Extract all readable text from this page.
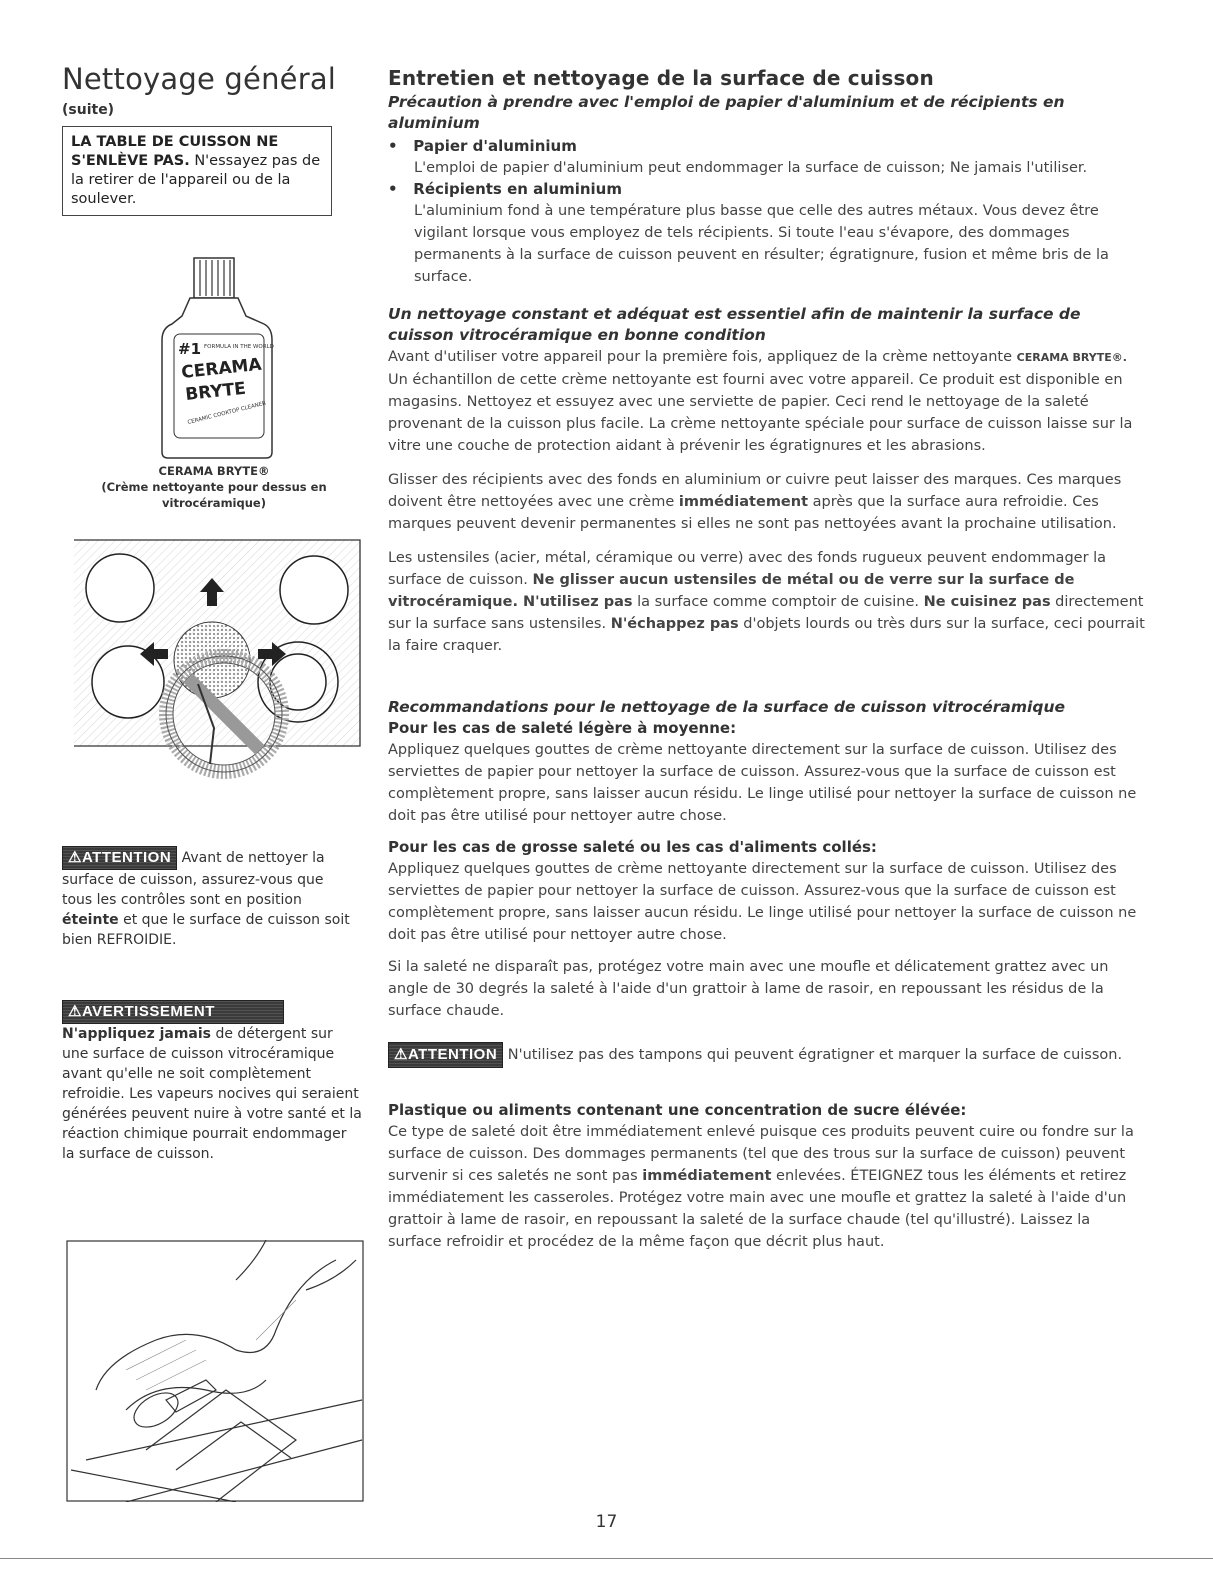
Nettoyage général
(suite)
LA TABLE DE CUISSON NE S'ENLÈVE PAS. N'essayez pas de la retirer de l'appareil ou de la soulever.
#1 FORMULA IN THE WORLD
CERAMA
BRYTE
CERAMIC COOKTOP CLEANER
CERAMA BRYTE®
(Crème nettoyante pour dessus en vitrocéramique)
⚠ATTENTION Avant de nettoyer la surface de cuisson, assurez-vous que tous les contrôles sont en position éteinte et que le surface de cuisson soit bien REFROIDIE.
⚠AVERTISSEMENT
N'appliquez jamais de détergent sur une surface de cuisson vitrocéramique avant qu'elle ne soit complètement refroidie. Les vapeurs nocives qui seraient générées peuvent nuire à votre santé et la réaction chimique pourrait endommager la surface de cuisson.
Entretien et nettoyage de la surface de cuisson
Précaution à prendre avec l'emploi de papier d'aluminium et de récipients en aluminium
•   Papier d'aluminium

L'emploi de papier d'aluminium peut endommager la surface de cuisson; Ne jamais l'utiliser.

•   Récipients en aluminium

L'aluminium fond à une température plus basse que celle des autres métaux. Vous devez être vigilant lorsque vous employez de tels récipients. Si toute l'eau s'évapore, des dommages permanents à la surface de cuisson peuvent en résulter; égratignure, fusion et même bris de la surface.

Un nettoyage constant et adéquat est essentiel afin de maintenir la surface de cuisson vitrocéramique en bonne condition

Avant d'utiliser votre appareil pour la première fois, appliquez de la crème nettoyante CERAMA BRYTE®. Un échantillon de cette crème nettoyante est fourni avec votre appareil. Ce produit est disponible en magasins. Nettoyez et essuyez avec une serviette de papier. Ceci rend le nettoyage de la saleté provenant de la cuisson plus facile. La crème nettoyante spéciale pour surface de cuisson laisse sur la vitre une couche de protection aidant à prévenir les égratignures et les abrasions.

Glisser des récipients avec des fonds en aluminium or cuivre peut laisser des marques. Ces marques doivent être nettoyées avec une crème immédiatement après que la surface aura refroidie. Ces marques peuvent devenir permanentes si elles ne sont pas nettoyées avant la prochaine utilisation.

Les ustensiles (acier, métal, céramique ou verre) avec des fonds rugueux peuvent endommager la surface de cuisson. Ne glisser aucun ustensiles de métal ou de verre sur la surface de vitrocéramique. N'utilisez pas la surface comme comptoir de cuisine. Ne cuisinez pas directement sur la surface sans ustensiles. N'échappez pas d'objets lourds ou très durs sur la surface, ceci pourrait la faire craquer.

Recommandations pour le nettoyage de la surface de cuisson vitrocéramique
Pour les cas de saleté légère à moyenne:

Appliquez quelques gouttes de crème nettoyante directement sur la surface de cuisson. Utilisez des serviettes de papier pour nettoyer la surface de cuisson. Assurez-vous que la surface de cuisson est complètement propre, sans laisser aucun résidu. Le linge utilisé pour nettoyer la surface de cuisson ne doit pas être utilisé pour nettoyer autre chose.

Pour les cas de grosse saleté ou les cas d'aliments collés:

Appliquez quelques gouttes de crème nettoyante directement sur la surface de cuisson. Utilisez des serviettes de papier pour nettoyer la surface de cuisson. Assurez-vous que la surface de cuisson est complètement propre, sans laisser aucun résidu. Le linge utilisé pour nettoyer la surface de cuisson ne doit pas être utilisé pour nettoyer autre chose.

Si la saleté ne disparaît pas, protégez votre main avec une moufle et délicatement grattez avec un angle de 30 degrés la saleté à l'aide d'un grattoir à lame de rasoir, en repoussant les résidus de la surface chaude.

⚠ATTENTION N'utilisez pas des tampons qui peuvent égratigner et marquer la surface de cuisson.

Plastique ou aliments contenant une concentration de sucre élévée:

Ce type de saleté doit être immédiatement enlevé puisque ces produits peuvent cuire ou fondre sur la surface de cuisson. Des dommages permanents (tel que des trous sur la surface de cuisson) peuvent survenir si ces saletés ne sont pas immédiatement enlevées. ÉTEIGNEZ tous les éléments et retirez immédiatement les casseroles. Protégez votre main avec une moufle et grattez la saleté à l'aide d'un grattoir à lame de rasoir, en repoussant la saleté de la surface chaude (tel qu'illustré). Laissez la surface refroidir et procédez de la même façon que décrit plus haut.

17
